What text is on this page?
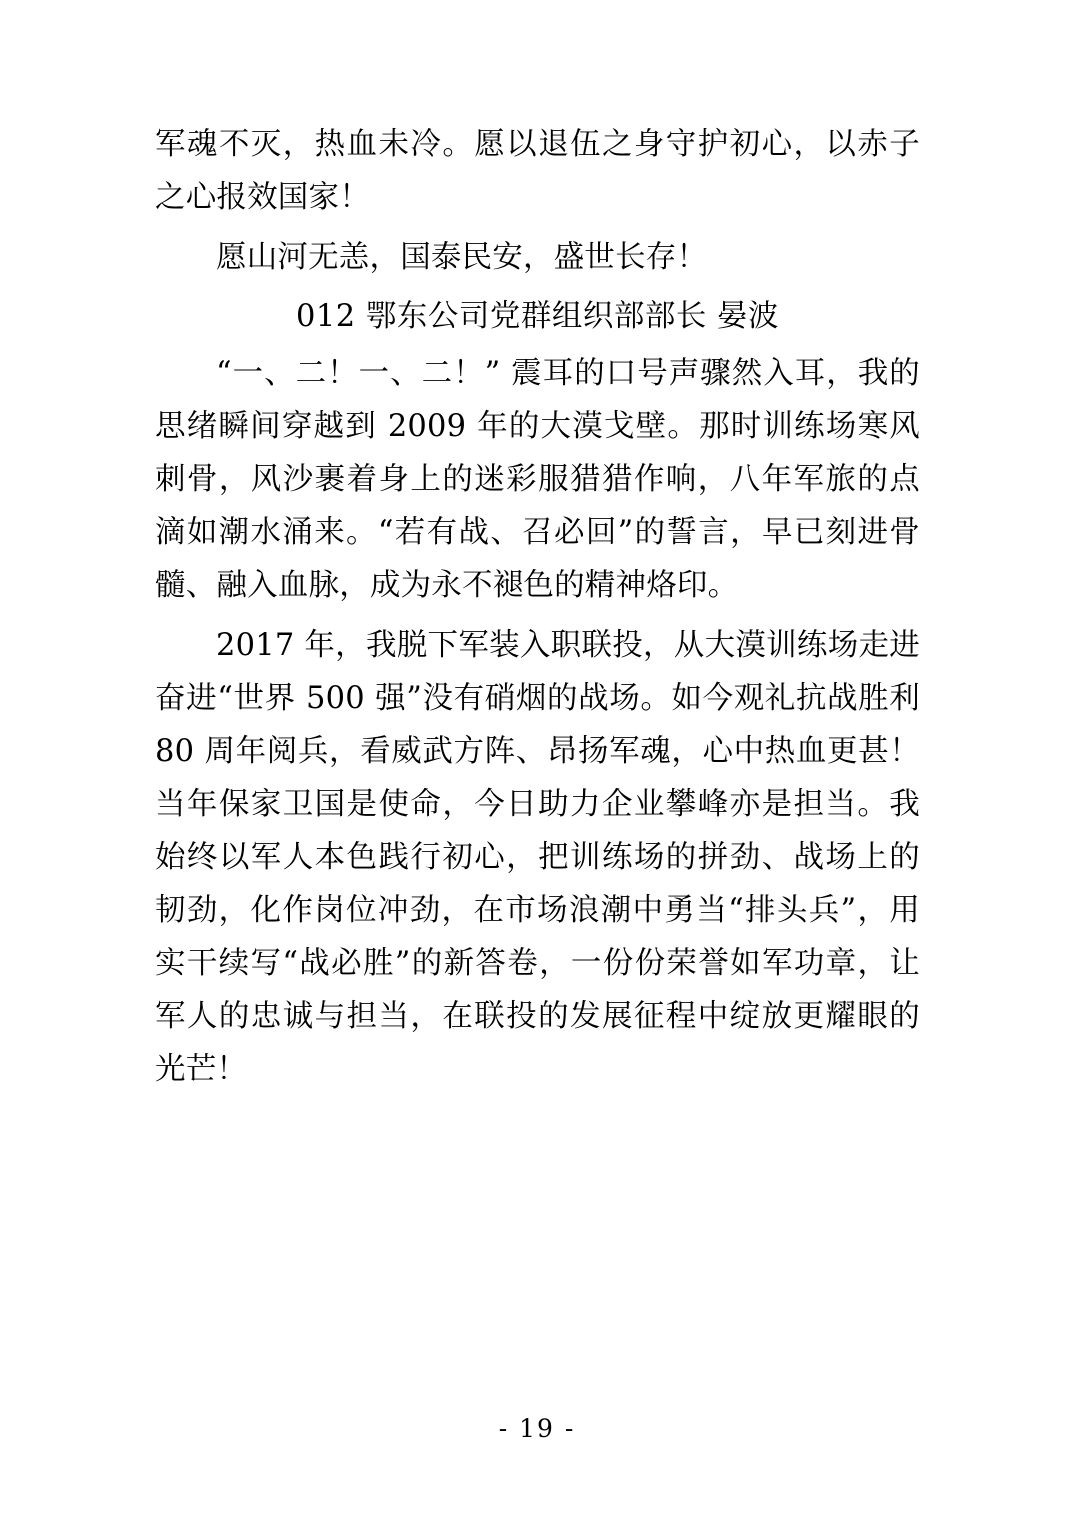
军魂不灭，热血未冷。愿以退伍之身守护初心，以赤子之心报效国家！

愿山河无恙，国泰民安，盛世长存！

012 鄂东公司党群组织部部长 晏波

“一、二！一、二！” 震耳的口号声骤然入耳，我的思绪瞬间穿越到 2009 年的大漠戈壁。那时训练场寒风刺骨，风沙裹着身上的迷彩服猎猎作响，八年军旅的点滴如潮水涌来。“若有战、召必回”的誓言，早已刻进骨髓、融入血脉，成为永不褪色的精神烙印。

2017 年，我脱下军装入职联投，从大漠训练场走进奋进“世界 500 强”没有硝烟的战场。如今观礼抗战胜利 80 周年阅兵，看威武方阵、昂扬军魂，心中热血更甚！当年保家卫国是使命，今日助力企业攀峰亦是担当。我始终以军人本色践行初心，把训练场的拼劲、战场上的韧劲，化作岗位冲劲，在市场浪潮中勇当“排头兵”，用实干续写“战必胜”的新答卷，一份份荣誉如军功章，让军人的忠诚与担当，在联投的发展征程中绽放更耀眼的光芒！

- 19 -
